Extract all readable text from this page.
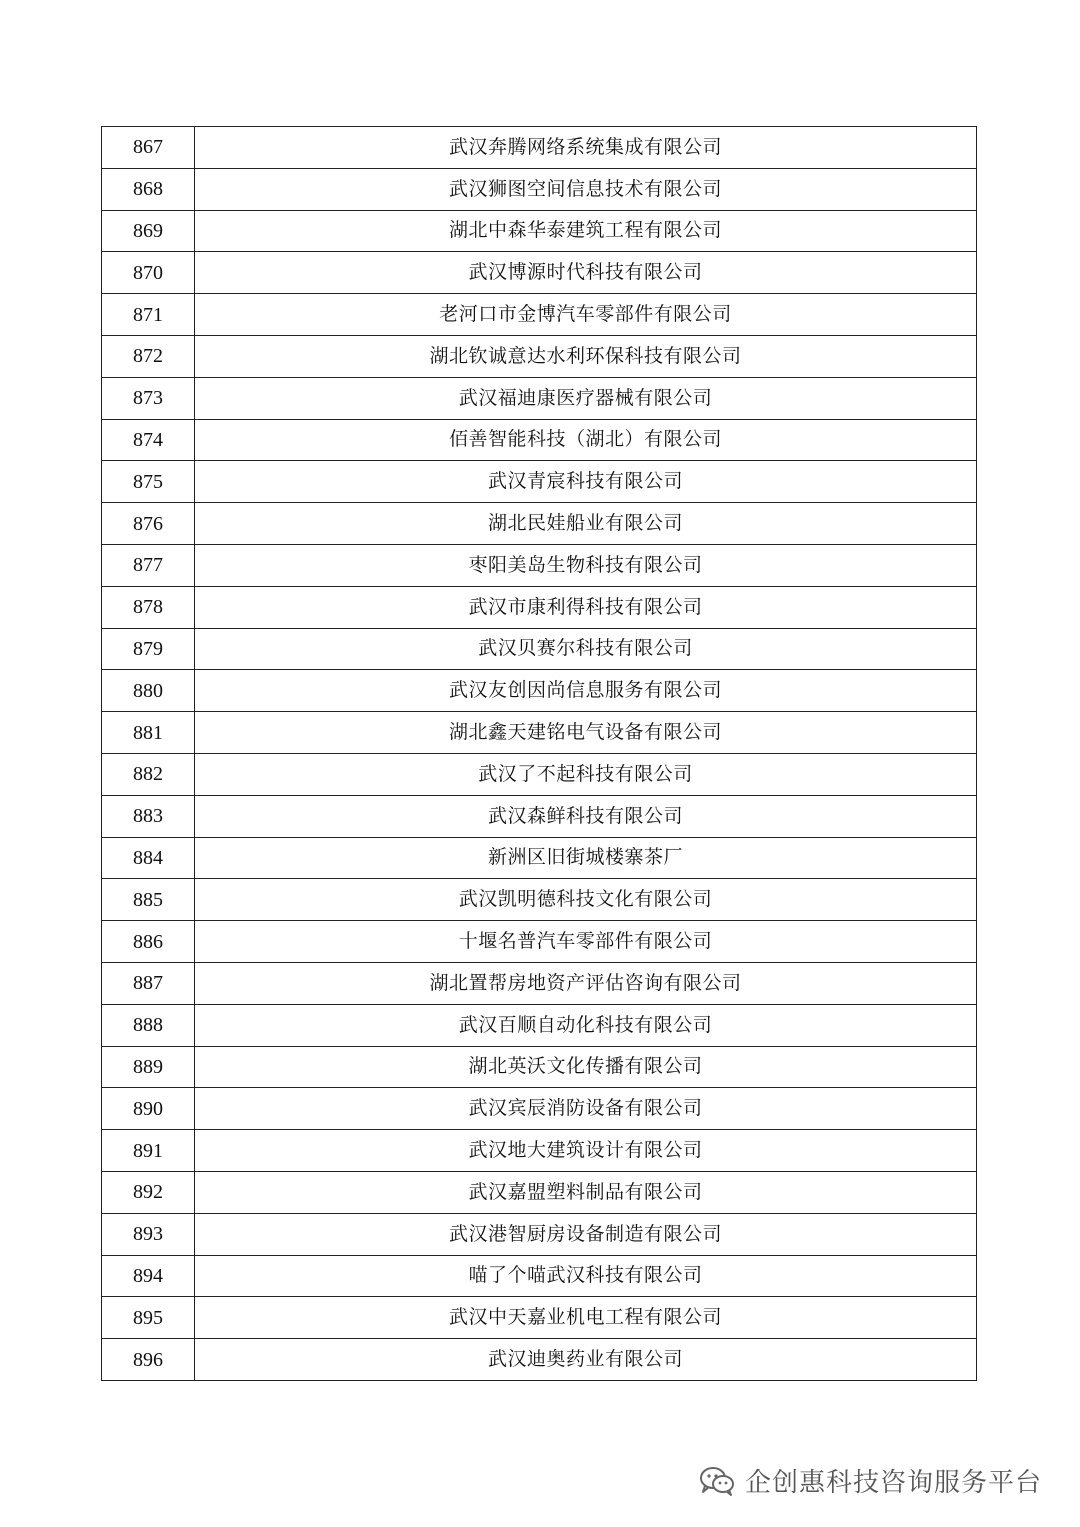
867	武汉奔腾网络系统集成有限公司
868	武汉狮图空间信息技术有限公司
869	湖北中森华泰建筑工程有限公司
870	武汉博源时代科技有限公司
871	老河口市金博汽车零部件有限公司
872	湖北钦诚意达水利环保科技有限公司
873	武汉福迪康医疗器械有限公司
874	佰善智能科技（湖北）有限公司
875	武汉青宸科技有限公司
876	湖北民娃船业有限公司
877	枣阳美岛生物科技有限公司
878	武汉市康利得科技有限公司
879	武汉贝赛尔科技有限公司
880	武汉友创因尚信息服务有限公司
881	湖北鑫天建铭电气设备有限公司
882	武汉了不起科技有限公司
883	武汉森鲜科技有限公司
884	新洲区旧街城楼寨茶厂
885	武汉凯明德科技文化有限公司
886	十堰名普汽车零部件有限公司
887	湖北置帮房地资产评估咨询有限公司
888	武汉百顺自动化科技有限公司
889	湖北英沃文化传播有限公司
890	武汉宾辰消防设备有限公司
891	武汉地大建筑设计有限公司
892	武汉嘉盟塑料制品有限公司
893	武汉港智厨房设备制造有限公司
894	喵了个喵武汉科技有限公司
895	武汉中天嘉业机电工程有限公司
896	武汉迪奥药业有限公司
企创惠科技咨询服务平台
